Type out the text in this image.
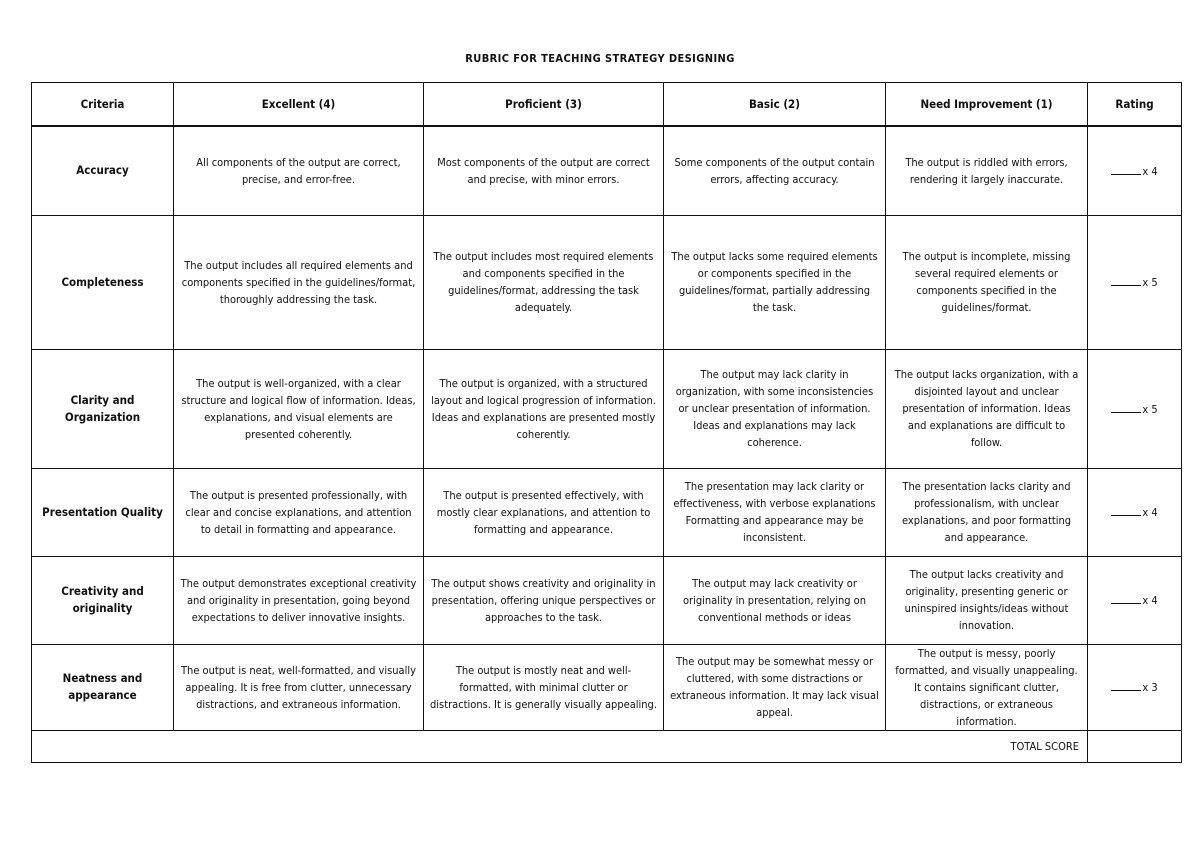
RUBRIC FOR TEACHING STRATEGY DESIGNING
Criteria	Excellent (4)	Proficient (3)	Basic (2)	Need Improvement (1)	Rating
Accuracy	All components of the output are correct, precise, and error-free.	Most components of the output are correct and precise, with minor errors.	Some components of the output contain errors, affecting accuracy.	The output is riddled with errors, rendering it largely inaccurate.	x 4

Completeness	The output includes all required elements and components specified in the guidelines/format, thoroughly addressing the task.	The output includes most required elements and components specified in the guidelines/format, addressing the task adequately.	The output lacks some required elements or components specified in the guidelines/format, partially addressing the task.	The output is incomplete, missing several required elements or components specified in the guidelines/format.	x 5

Clarity and Organization	The output is well-organized, with a clear structure and logical flow of information. Ideas, explanations, and visual elements are presented coherently.	The output is organized, with a structured layout and logical progression of information. Ideas and explanations are presented mostly coherently.	The output may lack clarity in organization, with some inconsistencies or unclear presentation of information. Ideas and explanations may lack coherence.	The output lacks organization, with a disjointed layout and unclear presentation of information. Ideas and explanations are difficult to follow.	x 5

Presentation Quality	The output is presented professionally, with clear and concise explanations, and attention to detail in formatting and appearance.	The output is presented effectively, with mostly clear explanations, and attention to formatting and appearance.	The presentation may lack clarity or effectiveness, with verbose explanations Formatting and appearance may be inconsistent.	The presentation lacks clarity and professionalism, with unclear explanations, and poor formatting and appearance.	x 4

Creativity and originality	The output demonstrates exceptional creativity and originality in presentation, going beyond expectations to deliver innovative insights.	The output shows creativity and originality in presentation, offering unique perspectives or approaches to the task.	The output may lack creativity or originality in presentation, relying on conventional methods or ideas	The output lacks creativity and originality, presenting generic or uninspired insights/ideas without innovation.	x 4

Neatness and appearance	The output is neat, well-formatted, and visually appealing. It is free from clutter, unnecessary distractions, and extraneous information.	The output is mostly neat and well-formatted, with minimal clutter or distractions. It is generally visually appealing.	The output may be somewhat messy or cluttered, with some distractions or extraneous information. It may lack visual appeal.	The output is messy, poorly formatted, and visually unappealing. It contains significant clutter, distractions, or extraneous information.	x 3

TOTAL SCORE					
